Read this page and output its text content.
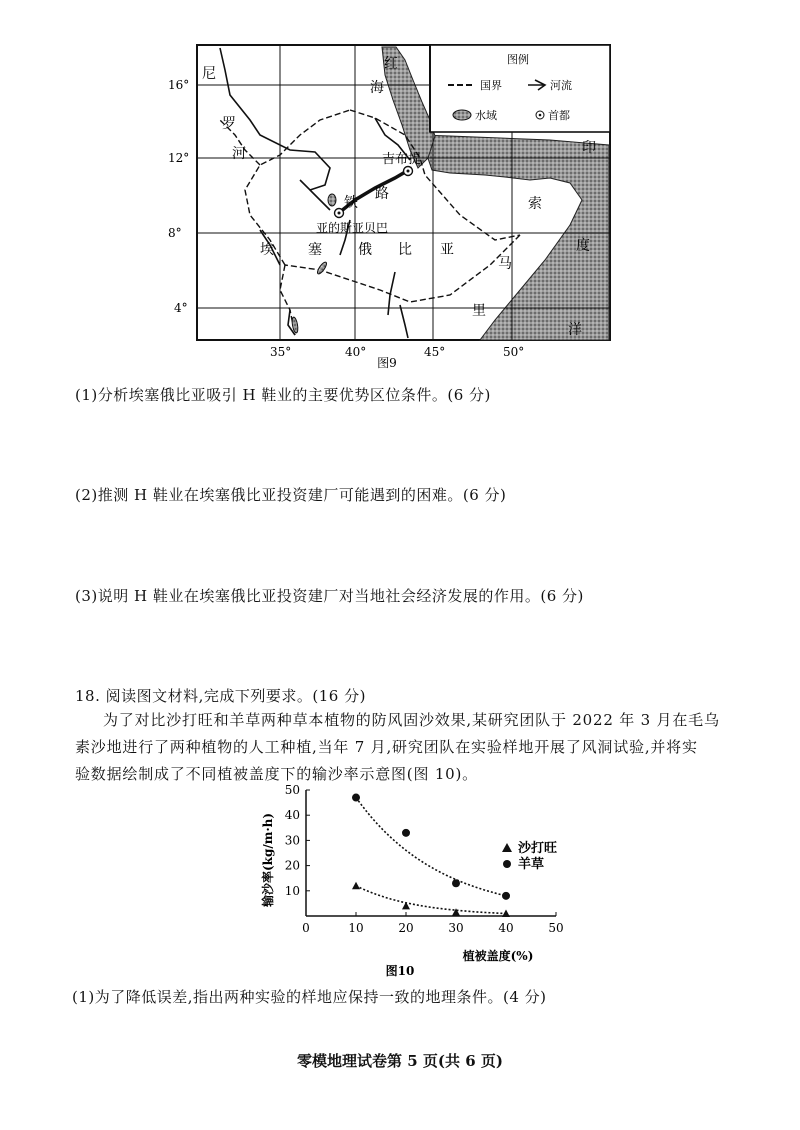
图例
国界	河流
水域	首都
16°
12°
8°
4°
35°	40°	45°	50°
图9
尼
罗
河
红
海
吉布提
铁
路
亚的斯亚贝巴
埃 塞	俄 比 亚
索
马
里
印
度
洋
(1)分析埃塞俄比亚吸引 H 鞋业的主要优势区位条件。(6 分)
(2)推测 H 鞋业在埃塞俄比亚投资建厂可能遇到的困难。(6 分)
(3)说明 H 鞋业在埃塞俄比亚投资建厂对当地社会经济发展的作用。(6 分)
18. 阅读图文材料,完成下列要求。(16 分)
为了对比沙打旺和羊草两种草本植物的防风固沙效果,某研究团队于 2022 年 3 月在毛乌
素沙地进行了两种植物的人工种植,当年 7 月,研究团队在实验样地开展了风洞试验,并将实
验数据绘制成了不同植被盖度下的输沙率示意图(图 10)。
0	10	20	30	40	50
10
20
30
40
50
输沙率(kg/m·h)
植被盖度(%)
沙打旺
羊草
图10
(1)为了降低误差,指出两种实验的样地应保持一致的地理条件。(4 分)
零模地理试卷第 5 页(共 6 页)
